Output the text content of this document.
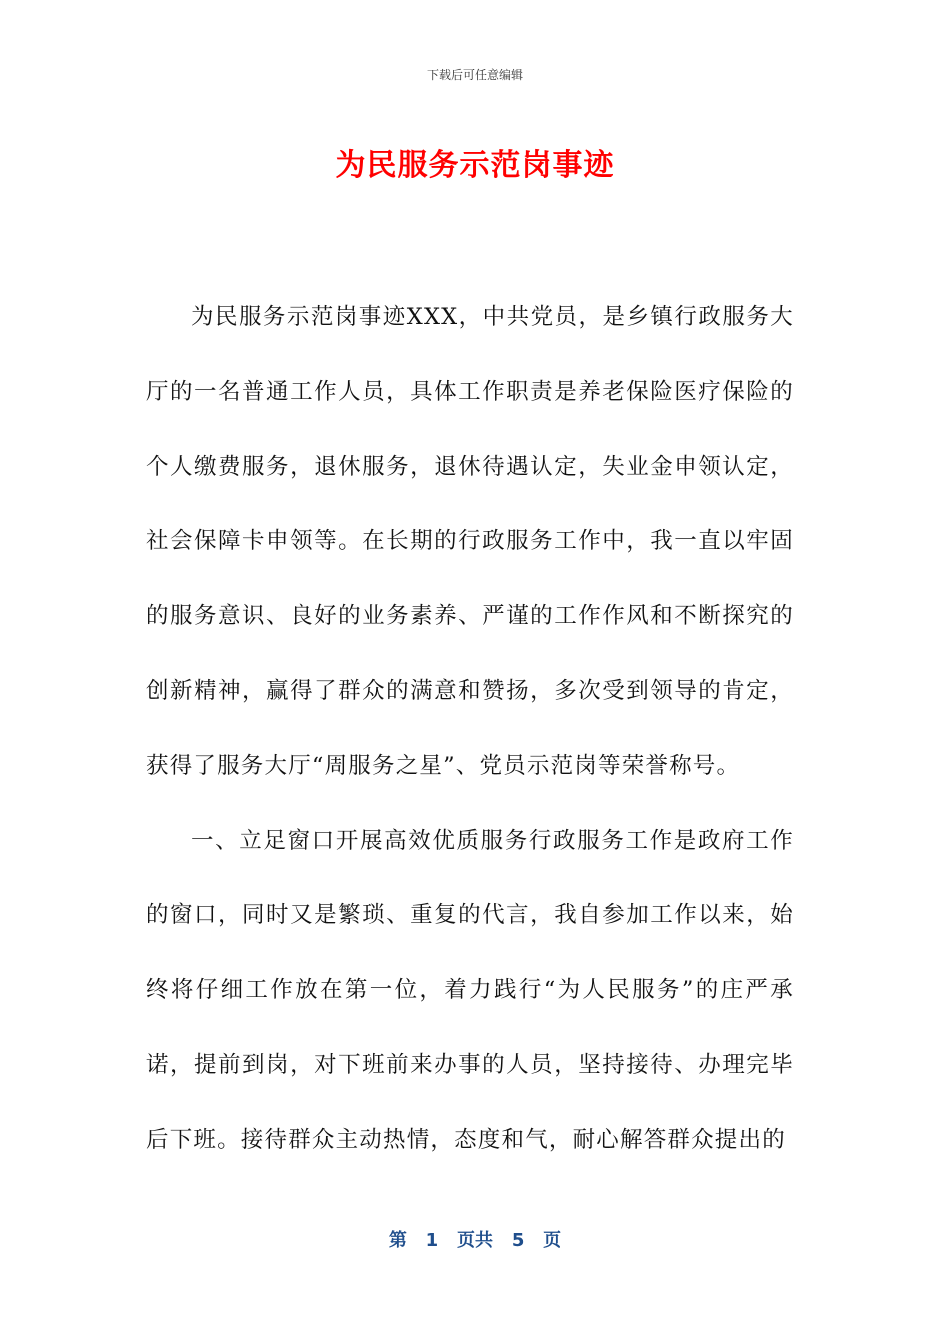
下载后可任意编辑
为民服务示范岗事迹

为民服务示范岗事迹XXX，中共党员，是乡镇行政服务大厅的一名普通工作人员，具体工作职责是养老保险医疗保险的个人缴费服务，退休服务，退休待遇认定，失业金申领认定，社会保障卡申领等。在长期的行政服务工作中，我一直以牢固的服务意识、良好的业务素养、严谨的工作作风和不断探究的创新精神，赢得了群众的满意和赞扬，多次受到领导的肯定，获得了服务大厅“周服务之星”、党员示范岗等荣誉称号。

一、立足窗口开展高效优质服务行政服务工作是政府工作的窗口，同时又是繁琐、重复的代言，我自参加工作以来，始终将仔细工作放在第一位，着力践行“为人民服务”的庄严承诺，提前到岗，对下班前来办事的人员，坚持接待、办理完毕后下班。接待群众主动热情，态度和气，耐心解答群众提出的

第 1 页共 5 页
